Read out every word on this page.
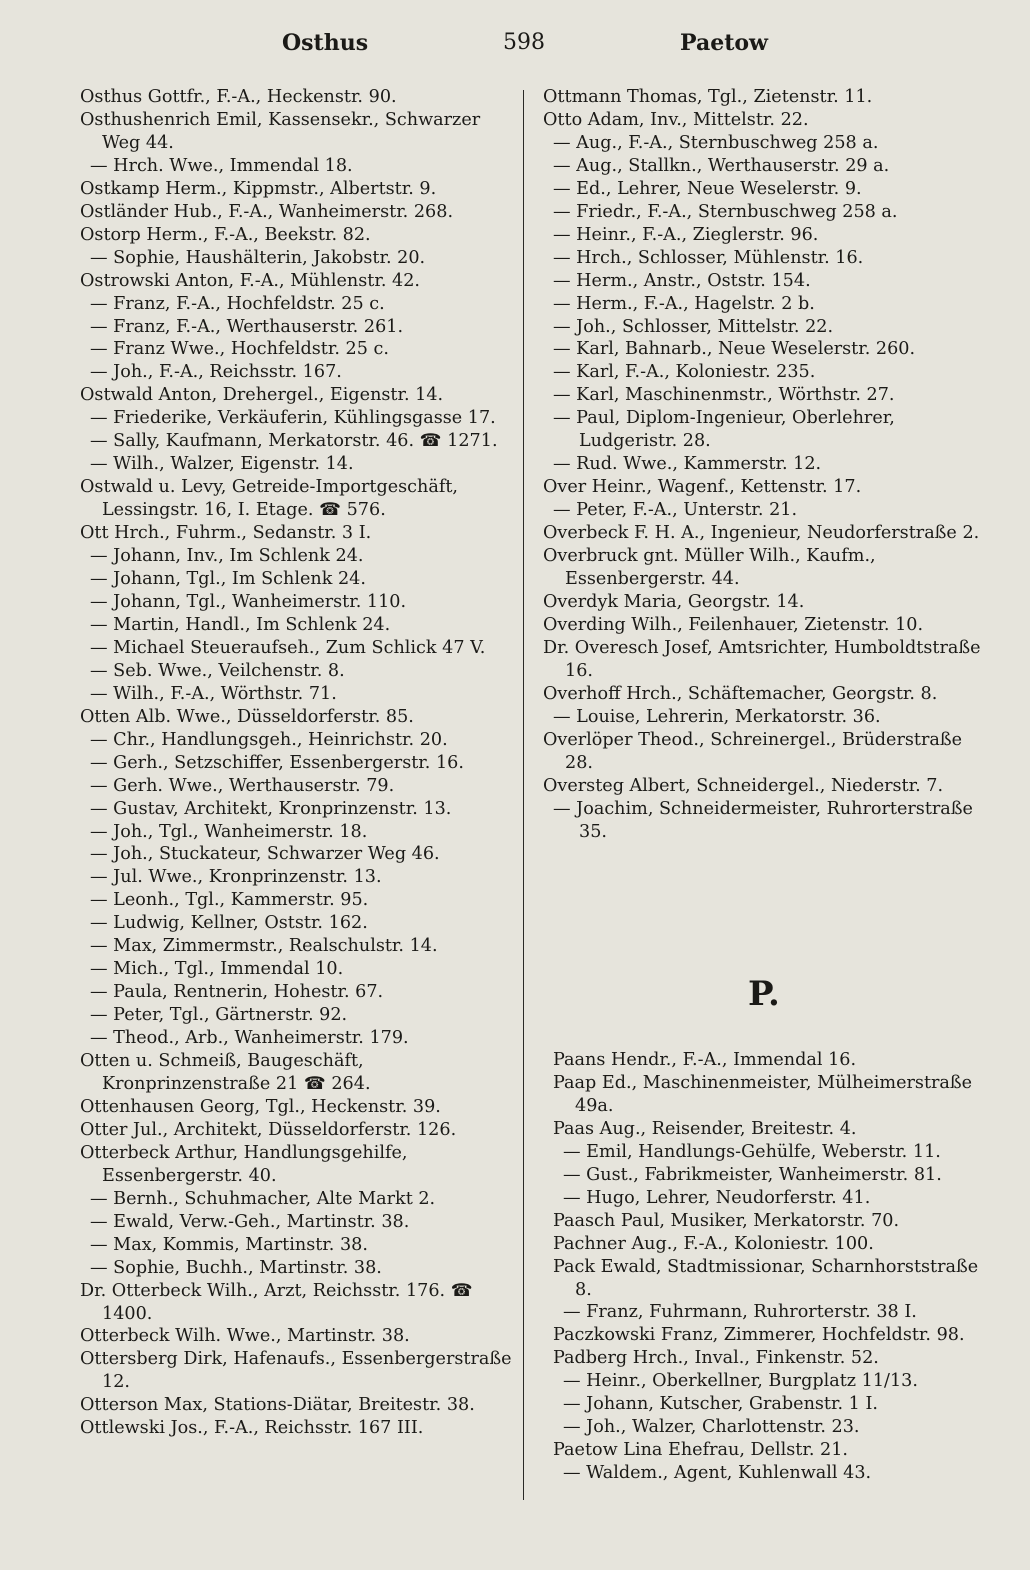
Osthus	598	Paetow
Osthus Gottfr., F.-A., Heckenstr. 90.
Osthushenrich Emil, Kassensekr., Schwarzer Weg 44.
— Hrch. Wwe., Immendal 18.
Ostkamp Herm., Kippmstr., Albertstr. 9.
Ostländer Hub., F.-A., Wanheimerstr. 268.
Ostorp Herm., F.-A., Beekstr. 82.
— Sophie, Haushälterin, Jakobstr. 20.
Ostrowski Anton, F.-A., Mühlenstr. 42.
— Franz, F.-A., Hochfeldstr. 25 c.
— Franz, F.-A., Werthauserstr. 261.
— Franz Wwe., Hochfeldstr. 25 c.
— Joh., F.-A., Reichsstr. 167.
Ostwald Anton, Drehergel., Eigenstr. 14.
— Friederike, Verkäuferin, Kühlingsgasse 17.
— Sally, Kaufmann, Merkatorstr. 46. ☎ 1271.
— Wilh., Walzer, Eigenstr. 14.
Ostwald u. Levy, Getreide-Importgeschäft, Lessingstr. 16, I. Etage. ☎ 576.
Ott Hrch., Fuhrm., Sedanstr. 3 I.
— Johann, Inv., Im Schlenk 24.
— Johann, Tgl., Im Schlenk 24.
— Johann, Tgl., Wanheimerstr. 110.
— Martin, Handl., Im Schlenk 24.
— Michael Steueraufseh., Zum Schlick 47 V.
— Seb. Wwe., Veilchenstr. 8.
— Wilh., F.-A., Wörthstr. 71.
Otten Alb. Wwe., Düsseldorferstr. 85.
— Chr., Handlungsgeh., Heinrichstr. 20.
— Gerh., Setzschiffer, Essenbergerstr. 16.
— Gerh. Wwe., Werthauserstr. 79.
— Gustav, Architekt, Kronprinzenstr. 13.
— Joh., Tgl., Wanheimerstr. 18.
— Joh., Stuckateur, Schwarzer Weg 46.
— Jul. Wwe., Kronprinzenstr. 13.
— Leonh., Tgl., Kammerstr. 95.
— Ludwig, Kellner, Oststr. 162.
— Max, Zimmermstr., Realschulstr. 14.
— Mich., Tgl., Immendal 10.
— Paula, Rentnerin, Hohestr. 67.
— Peter, Tgl., Gärtnerstr. 92.
— Theod., Arb., Wanheimerstr. 179.
Otten u. Schmeiß, Baugeschäft, Kronprinzenstraße 21 ☎ 264.
Ottenhausen Georg, Tgl., Heckenstr. 39.
Otter Jul., Architekt, Düsseldorferstr. 126.
Otterbeck Arthur, Handlungsgehilfe, Essenbergerstr. 40.
— Bernh., Schuhmacher, Alte Markt 2.
— Ewald, Verw.-Geh., Martinstr. 38.
— Max, Kommis, Martinstr. 38.
— Sophie, Buchh., Martinstr. 38.
Dr. Otterbeck Wilh., Arzt, Reichsstr. 176. ☎ 1400.
Otterbeck Wilh. Wwe., Martinstr. 38.
Ottersberg Dirk, Hafenaufs., Essenbergerstraße 12.
Otterson Max, Stations-Diätar, Breitestr. 38.
Ottlewski Jos., F.-A., Reichsstr. 167 III.
Ottmann Thomas, Tgl., Zietenstr. 11.
Otto Adam, Inv., Mittelstr. 22.
— Aug., F.-A., Sternbuschweg 258 a.
— Aug., Stallkn., Werthauserstr. 29 a.
— Ed., Lehrer, Neue Weselerstr. 9.
— Friedr., F.-A., Sternbuschweg 258 a.
— Heinr., F.-A., Zieglerstr. 96.
— Hrch., Schlosser, Mühlenstr. 16.
— Herm., Anstr., Oststr. 154.
— Herm., F.-A., Hagelstr. 2 b.
— Joh., Schlosser, Mittelstr. 22.
— Karl, Bahnarb., Neue Weselerstr. 260.
— Karl, F.-A., Koloniestr. 235.
— Karl, Maschinenmstr., Wörthstr. 27.
— Paul, Diplom-Ingenieur, Oberlehrer, Ludgeristr. 28.
— Rud. Wwe., Kammerstr. 12.
Over Heinr., Wagenf., Kettenstr. 17.
— Peter, F.-A., Unterstr. 21.
Overbeck F. H. A., Ingenieur, Neudorferstraße 2.
Overbruck gnt. Müller Wilh., Kaufm., Essenbergerstr. 44.
Overdyk Maria, Georgstr. 14.
Overding Wilh., Feilenhauer, Zietenstr. 10.
Dr. Overesch Josef, Amtsrichter, Humboldtstraße 16.
Overhoff Hrch., Schäftemacher, Georgstr. 8.
— Louise, Lehrerin, Merkatorstr. 36.
Overlöper Theod., Schreinergel., Brüderstraße 28.
Oversteg Albert, Schneidergel., Niederstr. 7.
— Joachim, Schneidermeister, Ruhrorterstraße 35.
P.
Paans Hendr., F.-A., Immendal 16.
Paap Ed., Maschinenmeister, Mülheimerstraße 49a.
Paas Aug., Reisender, Breitestr. 4.
— Emil, Handlungs-Gehülfe, Weberstr. 11.
— Gust., Fabrikmeister, Wanheimerstr. 81.
— Hugo, Lehrer, Neudorferstr. 41.
Paasch Paul, Musiker, Merkatorstr. 70.
Pachner Aug., F.-A., Koloniestr. 100.
Pack Ewald, Stadtmissionar, Scharnhorststraße 8.
— Franz, Fuhrmann, Ruhrorterstr. 38 I.
Paczkowski Franz, Zimmerer, Hochfeldstr. 98.
Padberg Hrch., Inval., Finkenstr. 52.
— Heinr., Oberkellner, Burgplatz 11/13.
— Johann, Kutscher, Grabenstr. 1 I.
— Joh., Walzer, Charlottenstr. 23.
Paetow Lina Ehefrau, Dellstr. 21.
— Waldem., Agent, Kuhlenwall 43.
